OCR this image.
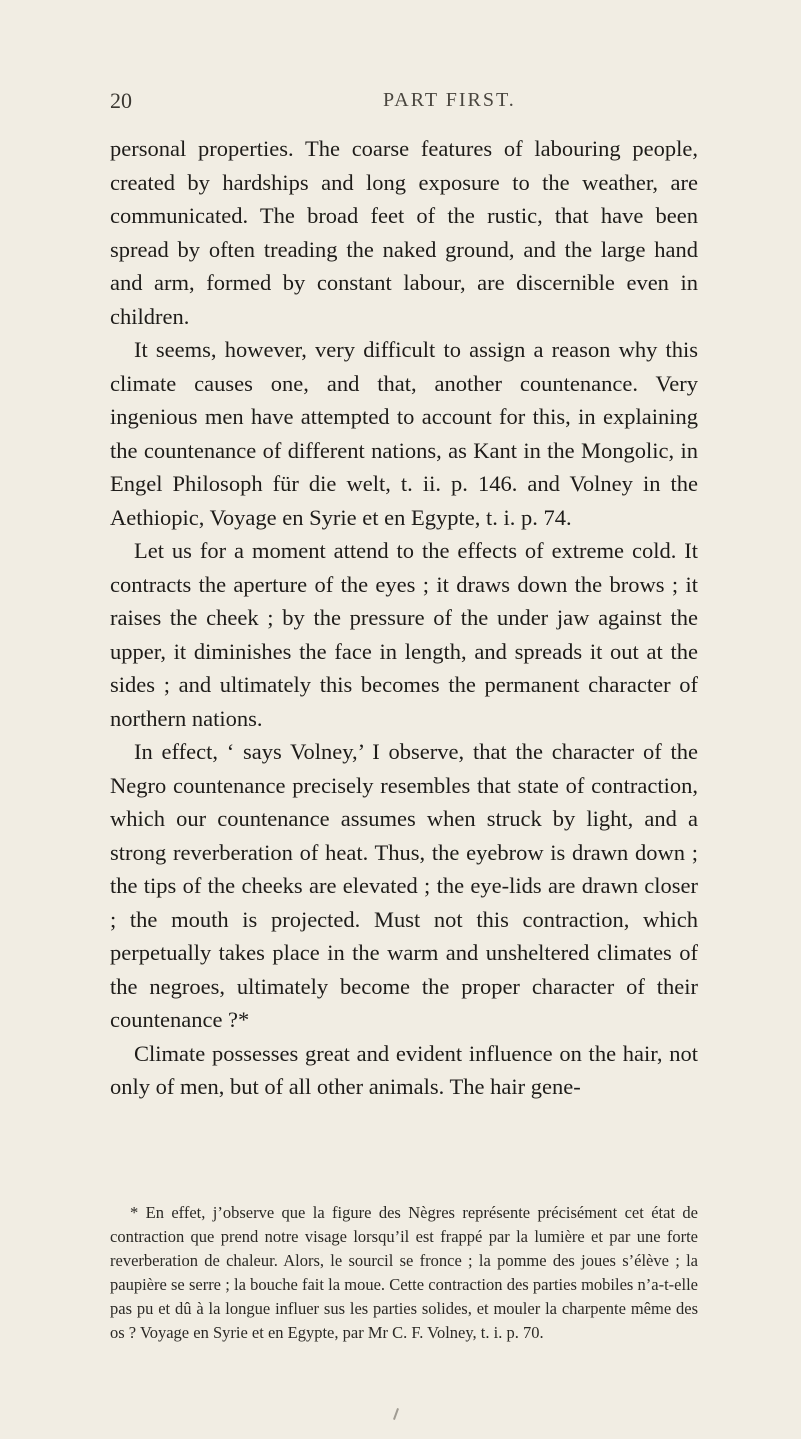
20	PART FIRST.

personal properties. The coarse features of labouring people, created by hardships and long exposure to the weather, are communicated. The broad feet of the rustic, that have been spread by often treading the naked ground, and the large hand and arm, formed by constant labour, are discernible even in children.

It seems, however, very difficult to assign a reason why this climate causes one, and that, another countenance. Very ingenious men have attempted to account for this, in explaining the countenance of different nations, as Kant in the Mongolic, in Engel Philosoph für die welt, t. ii. p. 146. and Volney in the Aethiopic, Voyage en Syrie et en Egypte, t. i. p. 74.

Let us for a moment attend to the effects of extreme cold. It contracts the aperture of the eyes ; it draws down the brows ; it raises the cheek ; by the pressure of the under jaw against the upper, it diminishes the face in length, and spreads it out at the sides ; and ultimately this becomes the permanent character of northern nations.

In effect, ‘ says Volney,’ I observe, that the character of the Negro countenance precisely resembles that state of contraction, which our countenance assumes when struck by light, and a strong reverberation of heat. Thus, the eyebrow is drawn down ; the tips of the cheeks are elevated ; the eye-lids are drawn closer ; the mouth is projected. Must not this contraction, which perpetually takes place in the warm and unsheltered climates of the negroes, ultimately become the proper character of their countenance ?*

Climate possesses great and evident influence on the hair, not only of men, but of all other animals. The hair gene-

* En effet, j’observe que la figure des Nègres représente précisément cet état de contraction que prend notre visage lorsqu’il est frappé par la lumière et par une forte reverberation de chaleur. Alors, le sourcil se fronce ; la pomme des joues s’élève ; la paupière se serre ; la bouche fait la moue. Cette contraction des parties mobiles n’a-t-elle pas pu et dû à la longue influer sus les parties solides, et mouler la charpente même des os ? Voyage en Syrie et en Egypte, par Mr C. F. Volney, t. i. p. 70.
